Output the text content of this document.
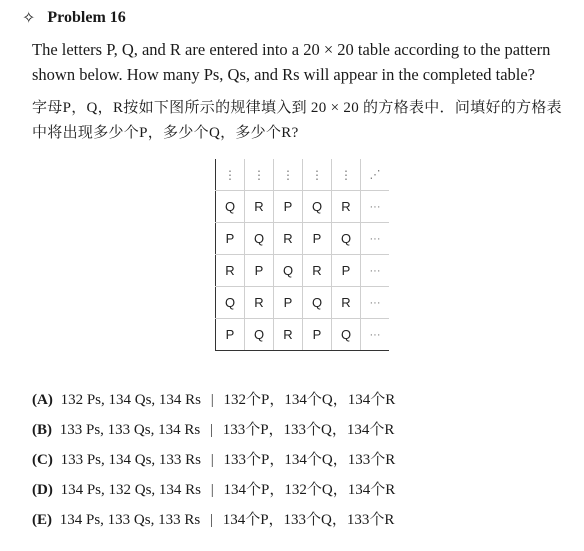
✧ Problem 16
The letters P, Q, and R are entered into a 20 × 20 table according to the pattern shown below. How many Ps, Qs, and Rs will appear in the completed table?
字母P，Q，R按如下图所示的规律填入到 20 × 20 的方格表中．问填好的方格表中将出现多少个P，多少个Q，多少个R?
⋮	⋮	⋮	⋮	⋮	⋰
Q	R	P	Q	R	···
P	Q	R	P	Q	···
R	P	Q	R	P	···
Q	R	P	Q	R	···
P	Q	R	P	Q	···
(A) 132 Ps, 134 Qs, 134 Rs | 132个P，134个Q，134个R
(B) 133 Ps, 133 Qs, 134 Rs | 133个P，133个Q，134个R
(C) 133 Ps, 134 Qs, 133 Rs | 133个P，134个Q，133个R
(D) 134 Ps, 132 Qs, 134 Rs | 134个P，132个Q，134个R
(E) 134 Ps, 133 Qs, 133 Rs | 134个P，133个Q，133个R
